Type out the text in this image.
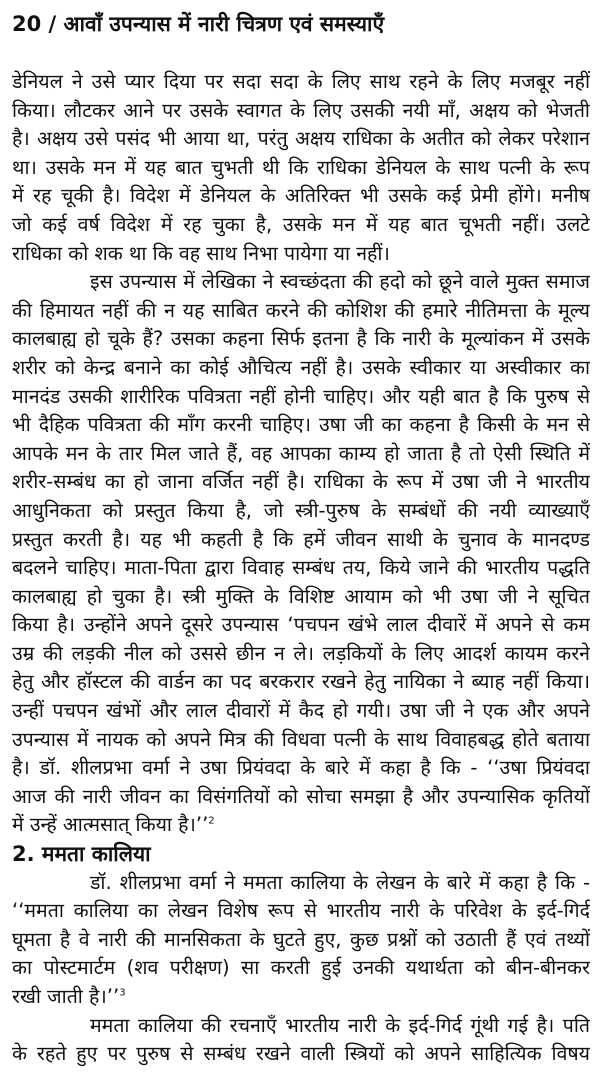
20 / आवाँ उपन्यास में नारी चित्रण एवं समस्याएँ
डेनियल ने उसे प्यार दिया पर सदा सदा के लिए साथ रहने के लिए मजबूर नहीं
किया। लौटकर आने पर उसके स्वागत के लिए उसकी नयी माँ, अक्षय को भेजती
है। अक्षय उसे पसंद भी आया था, परंतु अक्षय राधिका के अतीत को लेकर परेशान
था। उसके मन में यह बात चुभती थी कि राधिका डेनियल के साथ पत्नी के रूप
में रह चूकी है। विदेश में डेनियल के अतिरिक्त भी उसके कई प्रेमी होंगे। मनीष
जो कई वर्ष विदेश में रह चुका है, उसके मन में यह बात चूभती नहीं। उलटे
राधिका को शक था कि वह साथ निभा पायेगा या नहीं।
इस उपन्यास में लेखिका ने स्वच्छंदता की हदो को छूने वाले मुक्त समाज
की हिमायत नहीं की न यह साबित करने की कोशिश की हमारे नीतिमत्ता के मूल्य
कालबाह्य हो चूके हैं? उसका कहना सिर्फ इतना है कि नारी के मूल्यांकन में उसके
शरीर को केन्द्र बनाने का कोई औचित्य नहीं है। उसके स्वीकार या अस्वीकार का
मानदंड उसकी शारीरिक पवित्रता नहीं होनी चाहिए। और यही बात है कि पुरुष से
भी दैहिक पवित्रता की माँग करनी चाहिए। उषा जी का कहना है किसी के मन से
आपके मन के तार मिल जाते हैं, वह आपका काम्य हो जाता है तो ऐसी स्थिति में
शरीर-सम्बंध का हो जाना वर्जित नहीं है। राधिका के रूप में उषा जी ने भारतीय
आधुनिकता को प्रस्तुत किया है, जो स्त्री-पुरुष के सम्बंधों की नयी व्याख्याएँ
प्रस्तुत करती है। यह भी कहती है कि हमें जीवन साथी के चुनाव के मानदण्ड
बदलने चाहिए। माता-पिता द्वारा विवाह सम्बंध तय, किये जाने की भारतीय पद्धति
कालबाह्य हो चुका है। स्त्री मुक्ति के विशिष्ट आयाम को भी उषा जी ने सूचित
किया है। उन्होंने अपने दूसरे उपन्यास ‘पचपन खंभे लाल दीवारें में अपने से कम
उम्र की लड़की नील को उससे छीन न ले। लड़कियों के लिए आदर्श कायम करने
हेतु और हॉस्टल की वार्डन का पद बरकरार रखने हेतु नायिका ने ब्याह नहीं किया।
उन्हीं पचपन खंभों और लाल दीवारों में कैद हो गयी। उषा जी ने एक और अपने
उपन्यास में नायक को अपने मित्र की विधवा पत्नी के साथ विवाहबद्ध होते बताया
है। डॉ. शीलप्रभा वर्मा ने उषा प्रियंवदा के बारे में कहा है कि - ‘‘उषा प्रियंवदा
आज की नारी जीवन का विसंगतियों को सोचा समझा है और उपन्यासिक कृतियों
में उन्हें आत्मसात् किया है।’’$^2$
2. ममता कालिया
डॉ. शीलप्रभा वर्मा ने ममता कालिया के लेखन के बारे में कहा है कि -
‘‘ममता कालिया का लेखन विशेष रूप से भारतीय नारी के परिवेश के इर्द-गिर्द
घूमता है वे नारी की मानसिकता के घुटते हुए, कुछ प्रश्नों को उठाती हैं एवं तथ्यों
का पोस्टमार्टम (शव परीक्षण) सा करती हुई उनकी यथार्थता को बीन-बीनकर
रखी जाती है।’’$^3$
ममता कालिया की रचनाएँ भारतीय नारी के इर्द-गिर्द गूंथी गई है। पति
के रहते हुए पर पुरुष से सम्बंध रखने वाली स्त्रियों को अपने साहित्यिक विषय
